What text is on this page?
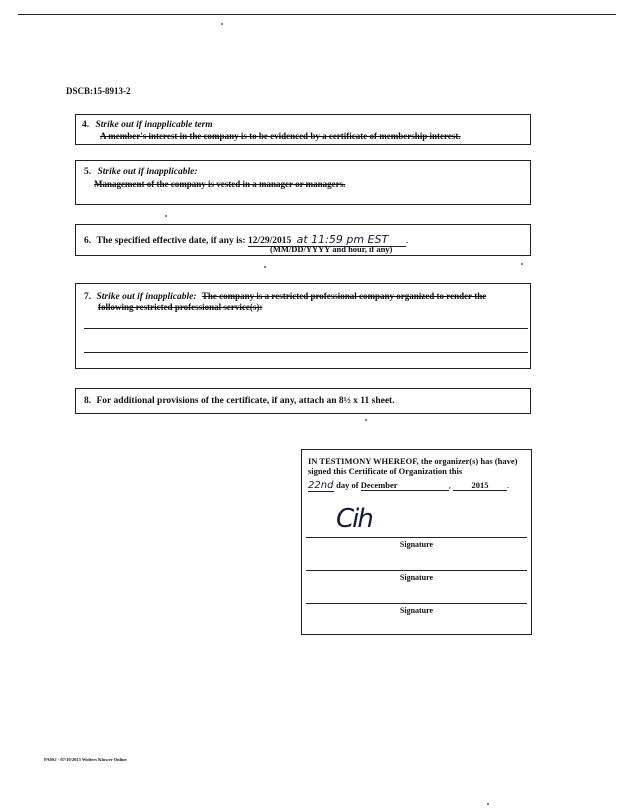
DSCB:15-8913-2
4. Strike out if inapplicable term
A member's interest in the company is to be evidenced by a certificate of membership interest.
5. Strike out if inapplicable:
Management of the company is vested in a manager or managers.
6. The specified effective date, if any is: 12/29/2015 at 11:59 pm EST .
(MM/DD/YYYY and hour, if any)
7. Strike out if inapplicable: The company is a restricted professional company organized to render the
following restricted professional service(s):
8. For additional provisions of the certificate, if any, attach an 8½ x 11 sheet.
IN TESTIMONY WHEREOF, the organizer(s) has (have)
signed this Certificate of Organization this
22nd day of December	, 2015 .
Cih
Signature
Signature
Signature
PA0S2 - 07/10/2015 Wolters Kluwer Online
